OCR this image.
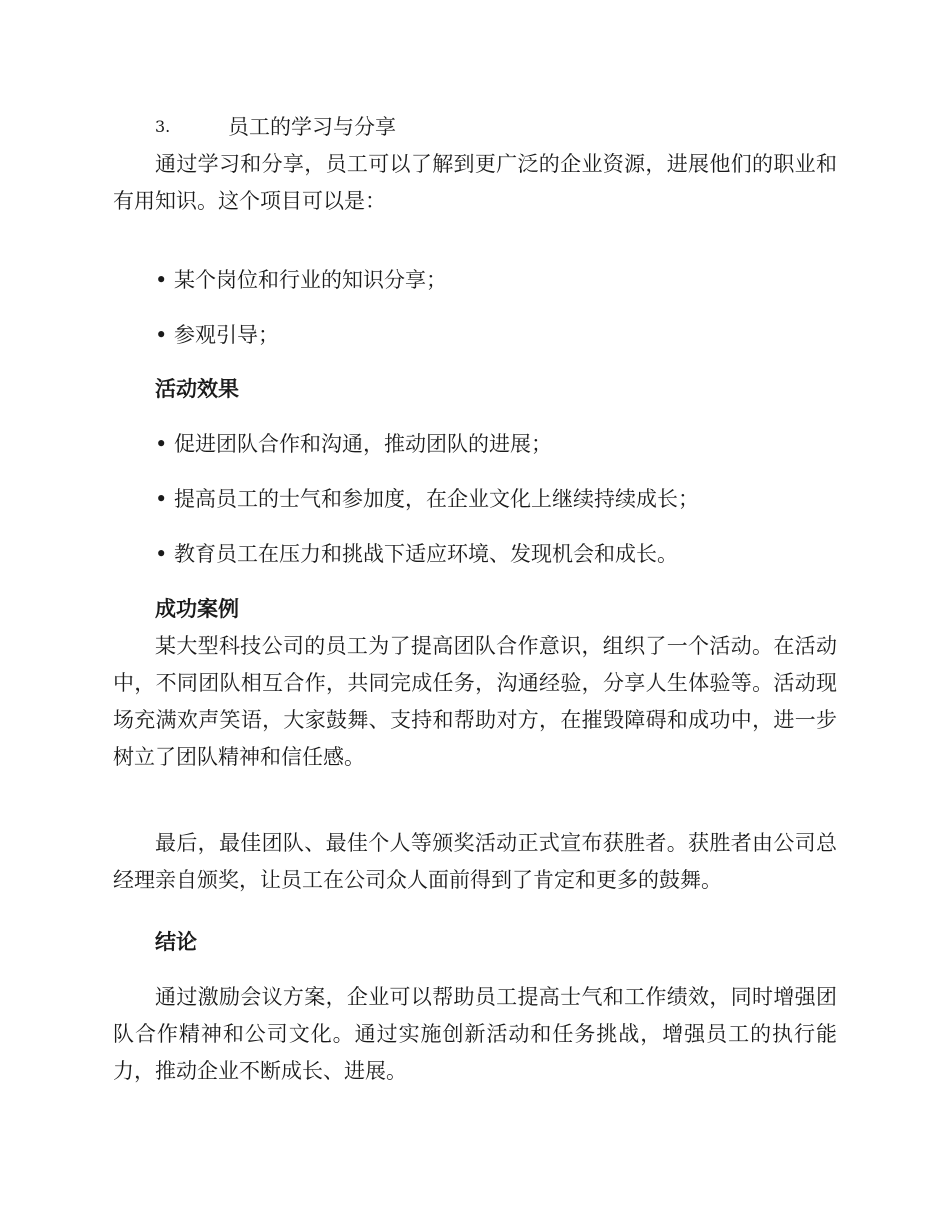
3.	员工的学习与分享

通过学习和分享，员工可以了解到更广泛的企业资源，进展他们的职业和有用知识。这个项目可以是：

• 某个岗位和行业的知识分享；
• 参观引导；
活动效果
• 促进团队合作和沟通，推动团队的进展；
• 提高员工的士气和参加度，在企业文化上继续持续成长；
• 教育员工在压力和挑战下适应环境、发现机会和成长。
成功案例

某大型科技公司的员工为了提高团队合作意识，组织了一个活动。在活动中，不同团队相互合作，共同完成任务，沟通经验，分享人生体验等。活动现场充满欢声笑语，大家鼓舞、支持和帮助对方，在摧毁障碍和成功中，进一步树立了团队精神和信任感。

最后，最佳团队、最佳个人等颁奖活动正式宣布获胜者。获胜者由公司总经理亲自颁奖，让员工在公司众人面前得到了肯定和更多的鼓舞。

结论

通过激励会议方案，企业可以帮助员工提高士气和工作绩效，同时增强团队合作精神和公司文化。通过实施创新活动和任务挑战，增强员工的执行能力，推动企业不断成长、进展。
